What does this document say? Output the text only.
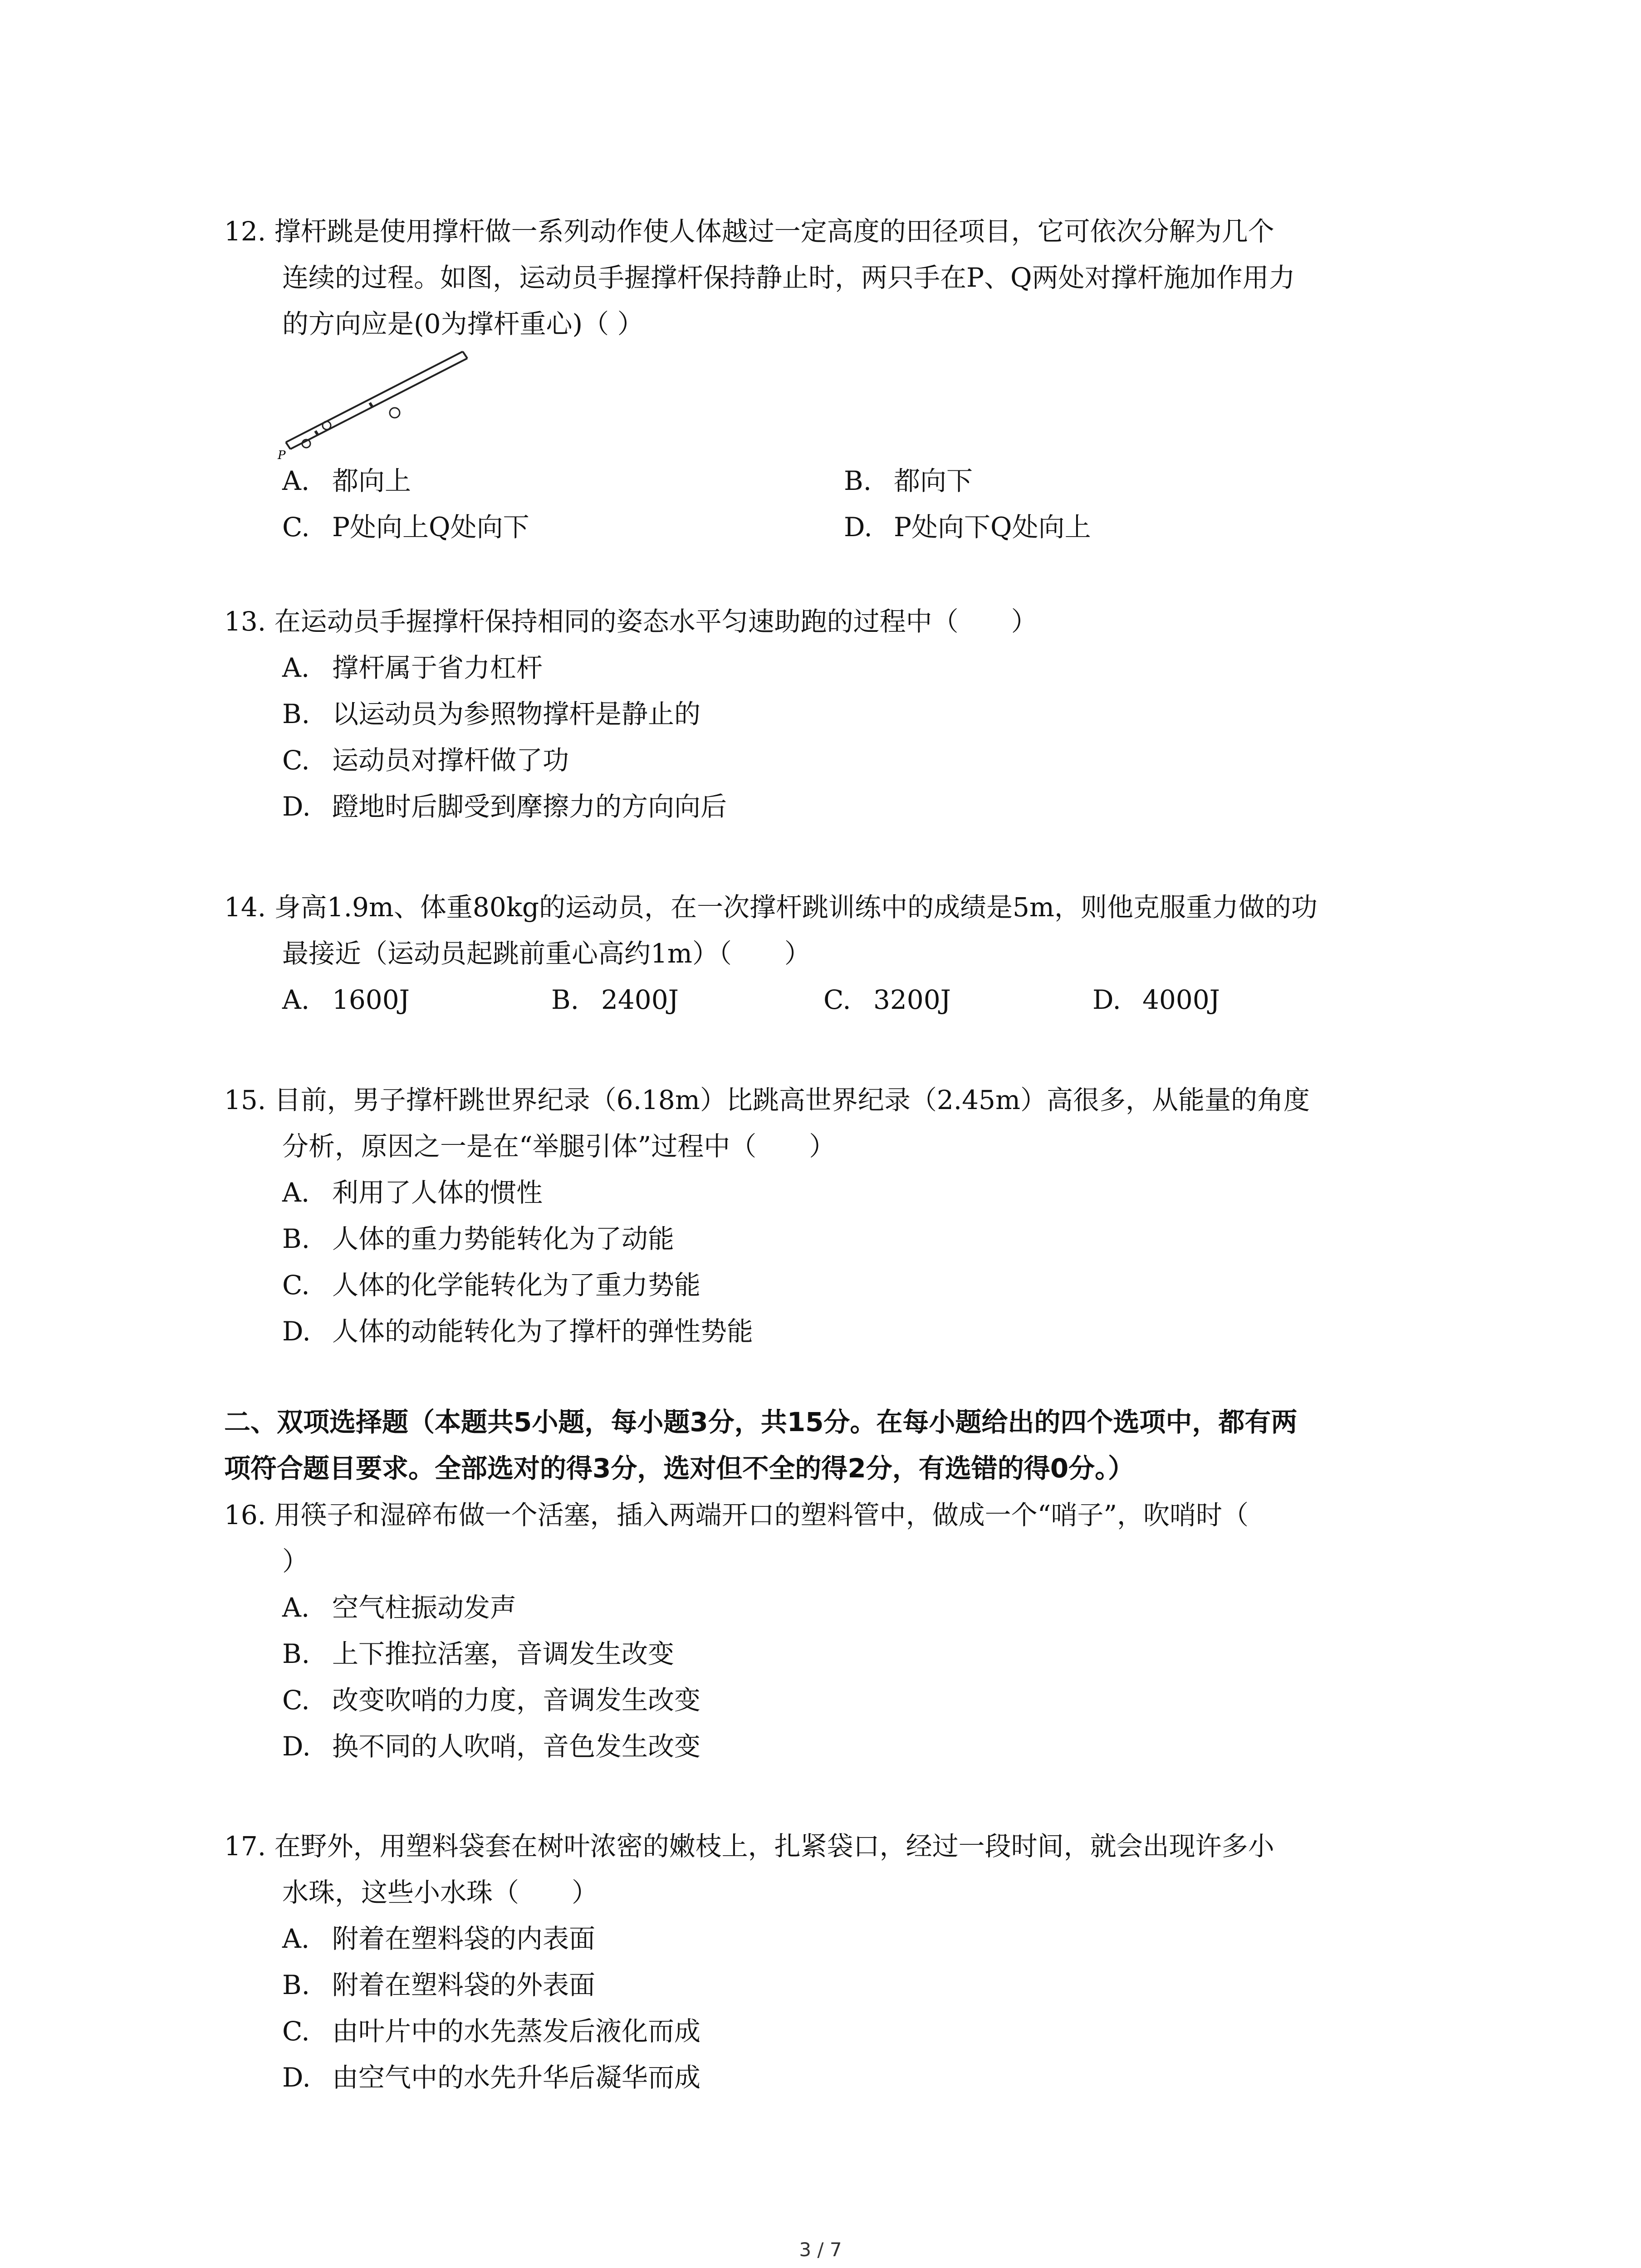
12. 撑杆跳是使用撑杆做一系列动作使人体越过一定高度的田径项目，它可依次分解为几个
连续的过程。如图，运动员手握撑杆保持静止时，两只手在P、Q两处对撑杆施加作用力
的方向应是(0为撑杆重心)（ ）
P
A. 都向上	B. 都向下
C. P处向上Q处向下	D. P处向下Q处向上
13. 在运动员手握撑杆保持相同的姿态水平匀速助跑的过程中（　　）
A. 撑杆属于省力杠杆
B. 以运动员为参照物撑杆是静止的
C. 运动员对撑杆做了功
D. 蹬地时后脚受到摩擦力的方向向后
14. 身高1.9m、体重80kg的运动员，在一次撑杆跳训练中的成绩是5m，则他克服重力做的功
最接近（运动员起跳前重心高约1m）（　　）
A. 1600J	B. 2400J	C. 3200J	D. 4000J
15. 目前，男子撑杆跳世界纪录（6.18m）比跳高世界纪录（2.45m）高很多，从能量的角度
分析，原因之一是在“举腿引体”过程中（　　）
A. 利用了人体的惯性
B. 人体的重力势能转化为了动能
C. 人体的化学能转化为了重力势能
D. 人体的动能转化为了撑杆的弹性势能
二、双项选择题（本题共5小题，每小题3分，共15分。在每小题给出的四个选项中，都有两
项符合题目要求。全部选对的得3分，选对但不全的得2分，有选错的得0分。）
16. 用筷子和湿碎布做一个活塞，插入两端开口的塑料管中，做成一个“哨子”，吹哨时（
）
A. 空气柱振动发声
B. 上下推拉活塞，音调发生改变
C. 改变吹哨的力度，音调发生改变
D. 换不同的人吹哨，音色发生改变
17. 在野外，用塑料袋套在树叶浓密的嫩枝上，扎紧袋口，经过一段时间，就会出现许多小
水珠，这些小水珠（　　）
A. 附着在塑料袋的内表面
B. 附着在塑料袋的外表面
C. 由叶片中的水先蒸发后液化而成
D. 由空气中的水先升华后凝华而成
3 / 7
